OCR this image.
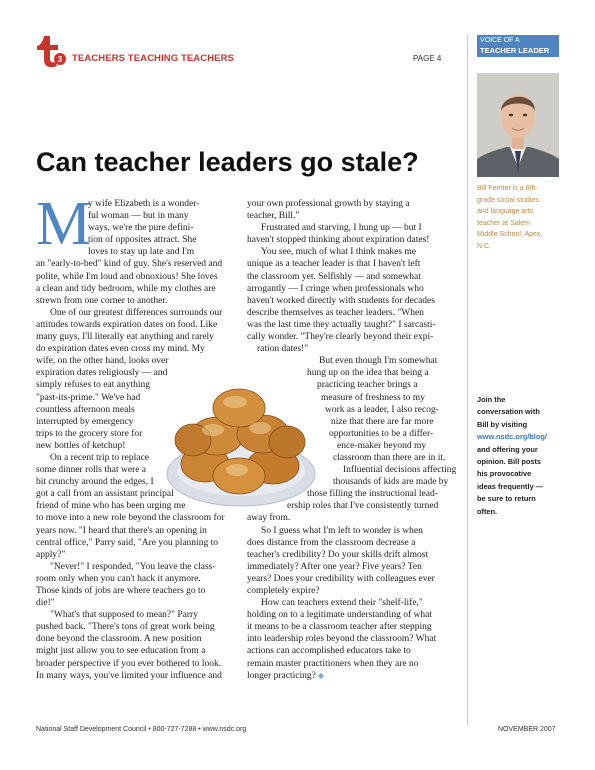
3 TEACHERS TEACHING TEACHERS	PAGE 4
VOICE OF A
TEACHER LEADER
Bill Ferriter is a 6th-
grade social studies
and language arts
teacher at Salem
Middle School, Apex,
N.C.
Join the
conversation with
Bill by visiting
www.nsdc.org/blog/
and offering your
opinion. Bill posts
his provocative
ideas frequently —
be sure to return
often.
Can teacher leaders go stale?
M
y wife Elizabeth is a wonder-
ful woman — but in many
ways, we're the pure defini-
tion of opposites attract. She
loves to stay up late and I'm
an "early-to-bed" kind of guy. She's reserved and
polite, while I'm loud and obnoxious! She loves
a clean and tidy bedroom, while my clothes are
strewn from one corner to another.
One of our greatest differences surrounds our
attitudes towards expiration dates on food. Like
many guys, I'll literally eat anything and rarely
do expiration dates even cross my mind. My
wife, on the other hand, looks over
expiration dates religiously — and
simply refuses to eat anything
"past-its-prime." We've had
countless afternoon meals
interrupted by emergency
trips to the grocery store for
new bottles of ketchup!
On a recent trip to replace
some dinner rolls that were a
bit crunchy around the edges, I
got a call from an assistant principal
friend of mine who has been urging me
to move into a new role beyond the classroom for
years now. "I heard that there's an opening in
central office," Parry said, "Are you planning to
apply?"
"Never!" I responded, "You leave the class-
room only when you can't hack it anymore.
Those kinds of jobs are where teachers go to
die!"
"What's that supposed to mean?" Parry
pushed back. "There's tons of great work being
done beyond the classroom. A new position
might just allow you to see education from a
broader perspective if you ever bothered to look.
In many ways, you've limited your influence and
your own professional growth by staying a
teacher, Bill."
Frustrated and starving, I hung up — but I
haven't stopped thinking about expiration dates!
You see, much of what I think makes me
unique as a teacher leader is that I haven't left
the classroom yet. Selfishly — and somewhat
arrogantly — I cringe when professionals who
haven't worked directly with students for decades
describe themselves as teacher leaders. "When
was the last time they actually taught?" I sarcasti-
cally wonder. "They're clearly beyond their expi-
ration dates!"
But even though I'm somewhat
hung up on the idea that being a
practicing teacher brings a
measure of freshness to my
work as a leader, I also recog-
nize that there are far more
opportunities to be a differ-
ence-maker beyond my
classroom than there are in it.
Influential decisions affecting
thousands of kids are made by
those filling the instructional lead-
ership roles that I've consistently turned
away from.
So I guess what I'm left to wonder is when
does distance from the classroom decrease a
teacher's credibility? Do your skills drift almost
immediately? After one year? Five years? Ten
years? Does your credibility with colleagues ever
completely expire?
How can teachers extend their "shelf-life,"
holding on to a legitimate understanding of what
it means to be a classroom teacher after stepping
into leadership roles beyond the classroom? What
actions can accomplished educators take to
remain master practitioners when they are no
longer practicing? ◆
National Staff Development Council • 800-727-7288 • www.nsdc.org	NOVEMBER 2007
